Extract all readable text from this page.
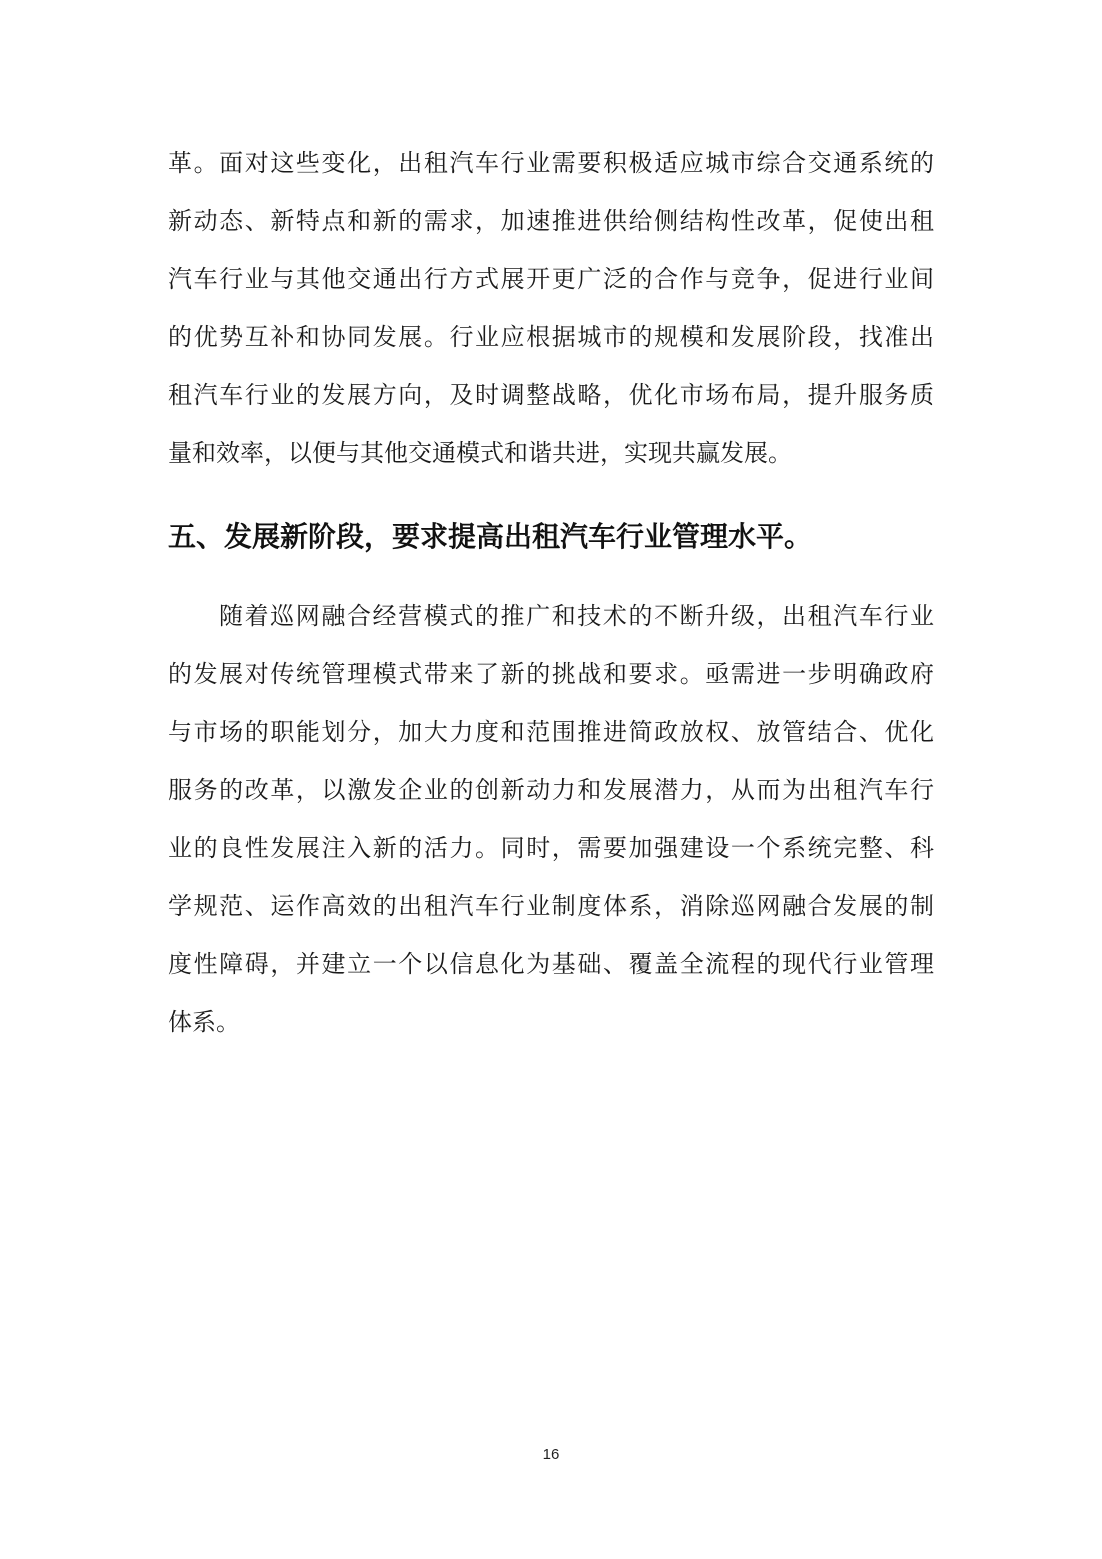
革。面对这些变化，出租汽车行业需要积极适应城市综合交通系统的
新动态、新特点和新的需求，加速推进供给侧结构性改革，促使出租
汽车行业与其他交通出行方式展开更广泛的合作与竞争，促进行业间
的优势互补和协同发展。行业应根据城市的规模和发展阶段，找准出
租汽车行业的发展方向，及时调整战略，优化市场布局，提升服务质
量和效率，以便与其他交通模式和谐共进，实现共赢发展。
五、发展新阶段，要求提高出租汽车行业管理水平。
随着巡网融合经营模式的推广和技术的不断升级，出租汽车行业
的发展对传统管理模式带来了新的挑战和要求。亟需进一步明确政府
与市场的职能划分，加大力度和范围推进简政放权、放管结合、优化
服务的改革，以激发企业的创新动力和发展潜力，从而为出租汽车行
业的良性发展注入新的活力。同时，需要加强建设一个系统完整、科
学规范、运作高效的出租汽车行业制度体系，消除巡网融合发展的制
度性障碍，并建立一个以信息化为基础、覆盖全流程的现代行业管理
体系。
16
